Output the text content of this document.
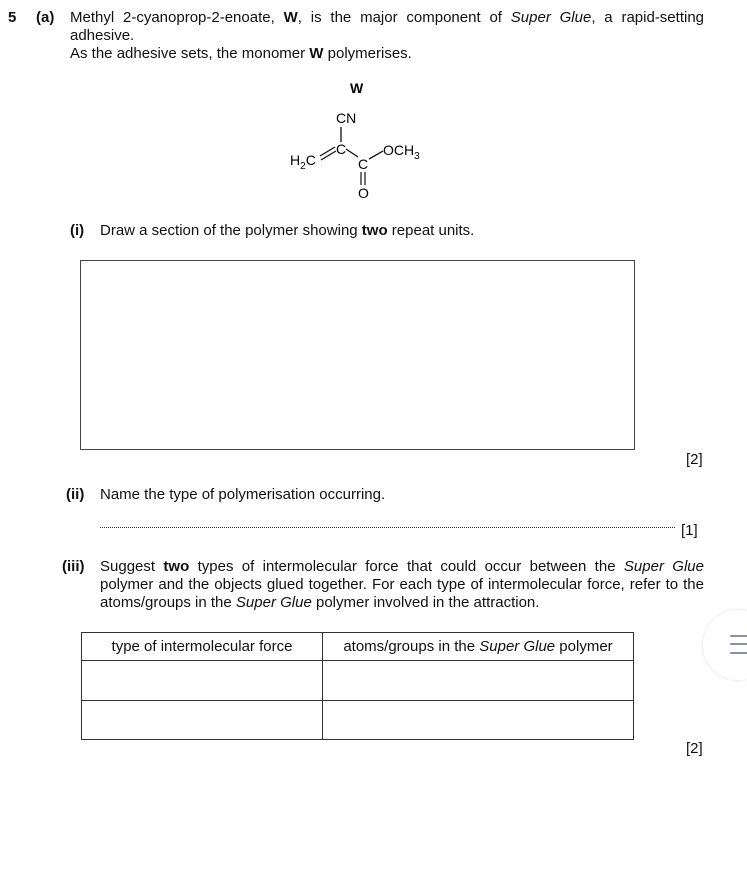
5 (a) Methyl 2-cyanoprop-2-enoate, W, is the major component of Super Glue, a rapid-setting adhesive.
As the adhesive sets, the monomer W polymerises.
W
CN
$H_2C$
C
C
$OCH_3$
O
(i) Draw a section of the polymer showing two repeat units.
[2]
(ii) Name the type of polymerisation occurring.
[1]
(iii) Suggest two types of intermolecular force that could occur between the Super Glue polymer and the objects glued together. For each type of intermolecular force, refer to the atoms/groups in the Super Glue polymer involved in the attraction.
type of intermolecular force	atoms/groups in the Super Glue polymer

[2]
